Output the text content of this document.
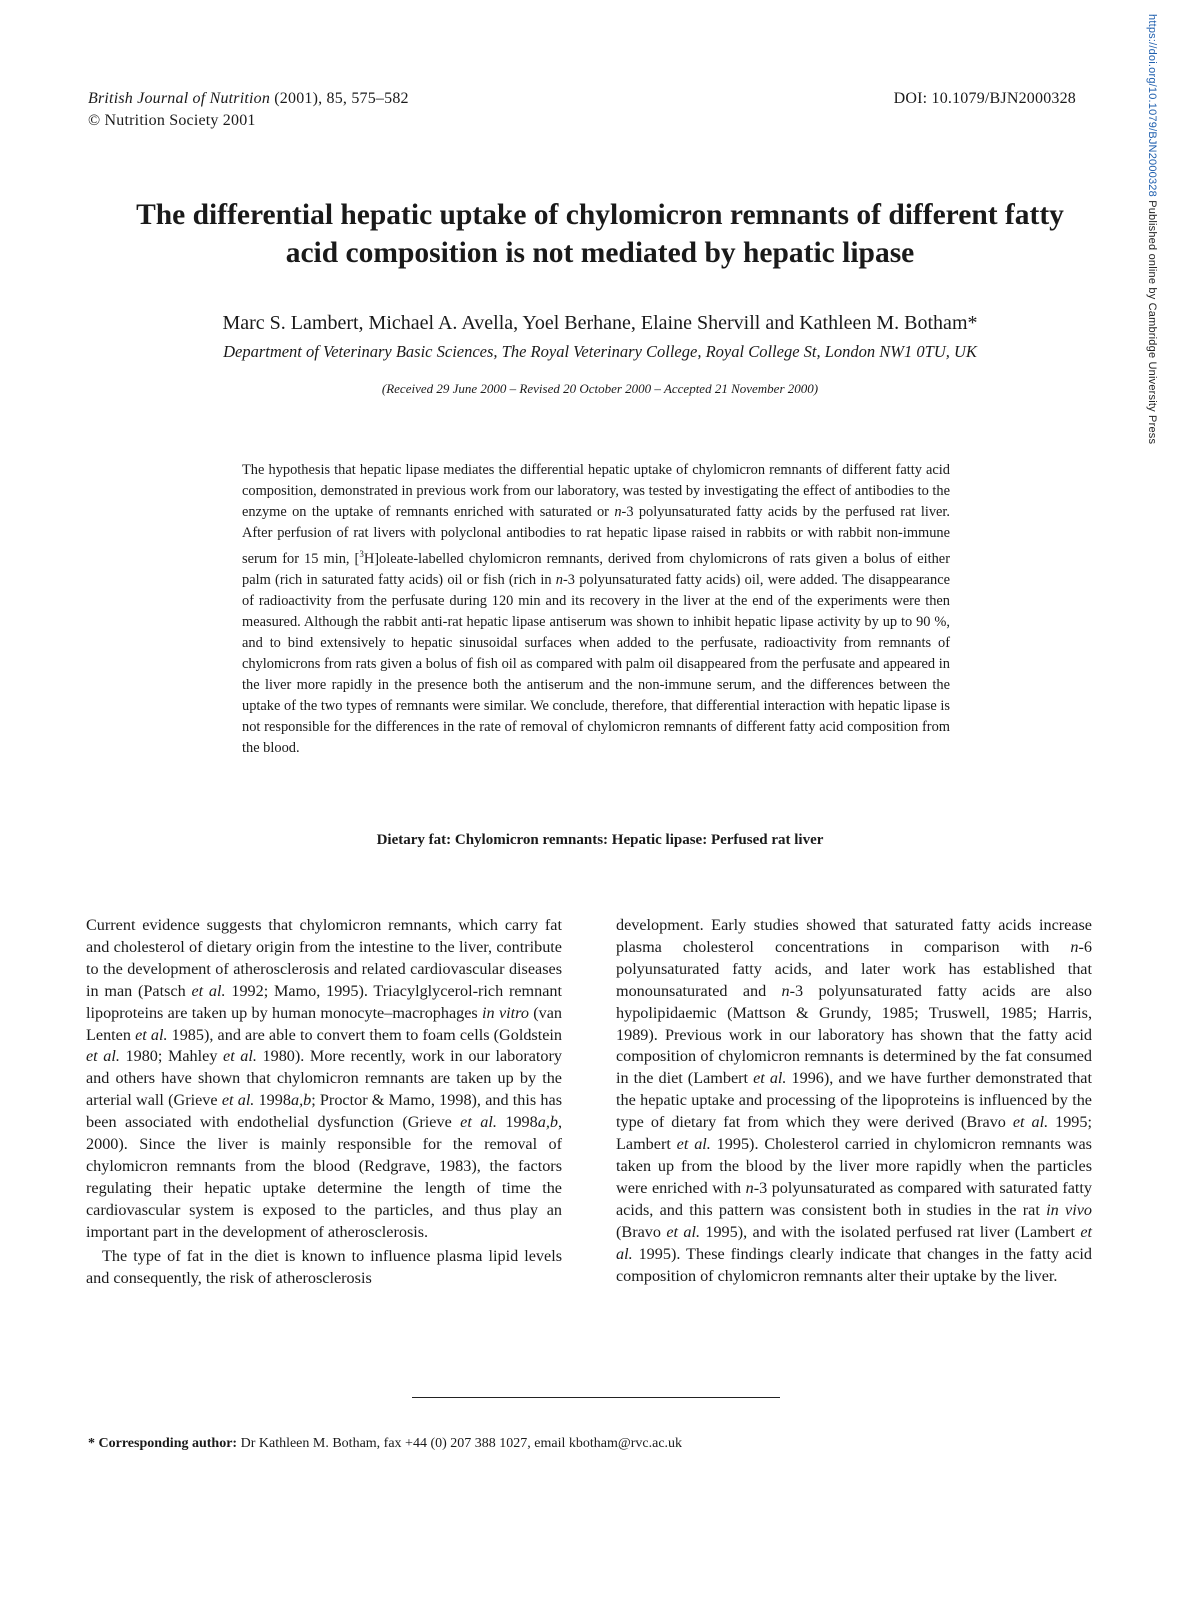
British Journal of Nutrition (2001), 85, 575–582
© Nutrition Society 2001
DOI: 10.1079/BJN2000328	https://doi.org/10.1079/BJN2000328 Published online by Cambridge University Press
The differential hepatic uptake of chylomicron remnants of different fatty
acid composition is not mediated by hepatic lipase
Marc S. Lambert, Michael A. Avella, Yoel Berhane, Elaine Shervill and Kathleen M. Botham*
Department of Veterinary Basic Sciences, The Royal Veterinary College, Royal College St, London NW1 0TU, UK
(Received 29 June 2000 – Revised 20 October 2000 – Accepted 21 November 2000)
The hypothesis that hepatic lipase mediates the differential hepatic uptake of chylomicron remnants of different fatty acid composition, demonstrated in previous work from our laboratory, was tested by investigating the effect of antibodies to the enzyme on the uptake of remnants enriched with saturated or n-3 polyunsaturated fatty acids by the perfused rat liver. After perfusion of rat livers with polyclonal antibodies to rat hepatic lipase raised in rabbits or with rabbit non-immune serum for 15 min, [$^3$H]oleate-labelled chylomicron remnants, derived from chylomicrons of rats given a bolus of either palm (rich in saturated fatty acids) oil or fish (rich in n-3 polyunsaturated fatty acids) oil, were added. The disappearance of radioactivity from the perfusate during 120 min and its recovery in the liver at the end of the experiments were then measured. Although the rabbit anti-rat hepatic lipase antiserum was shown to inhibit hepatic lipase activity by up to 90 %, and to bind extensively to hepatic sinusoidal surfaces when added to the perfusate, radioactivity from remnants of chylomicrons from rats given a bolus of fish oil as compared with palm oil disappeared from the perfusate and appeared in the liver more rapidly in the presence both the antiserum and the non-immune serum, and the differences between the uptake of the two types of remnants were similar. We conclude, therefore, that differential interaction with hepatic lipase is not responsible for the differences in the rate of removal of chylomicron remnants of different fatty acid composition from the blood.
Dietary fat: Chylomicron remnants: Hepatic lipase: Perfused rat liver

Current evidence suggests that chylomicron remnants, which carry fat and cholesterol of dietary origin from the intestine to the liver, contribute to the development of atherosclerosis and related cardiovascular diseases in man (Patsch et al. 1992; Mamo, 1995). Triacylglycerol-rich remnant lipoproteins are taken up by human monocyte–macrophages in vitro (van Lenten et al. 1985), and are able to convert them to foam cells (Goldstein et al. 1980; Mahley et al. 1980). More recently, work in our laboratory and others have shown that chylomicron remnants are taken up by the arterial wall (Grieve et al. 1998a,b; Proctor & Mamo, 1998), and this has been associated with endothelial dysfunction (Grieve et al. 1998a,b, 2000). Since the liver is mainly responsible for the removal of chylomicron remnants from the blood (Redgrave, 1983), the factors regulating their hepatic uptake determine the length of time the cardiovascular system is exposed to the particles, and thus play an important part in the development of atherosclerosis.

The type of fat in the diet is known to influence plasma lipid levels and consequently, the risk of atherosclerosis

development. Early studies showed that saturated fatty acids increase plasma cholesterol concentrations in comparison with n-6 polyunsaturated fatty acids, and later work has established that monounsaturated and n-3 polyunsaturated fatty acids are also hypolipidaemic (Mattson & Grundy, 1985; Truswell, 1985; Harris, 1989). Previous work in our laboratory has shown that the fatty acid composition of chylomicron remnants is determined by the fat consumed in the diet (Lambert et al. 1996), and we have further demonstrated that the hepatic uptake and processing of the lipoproteins is influenced by the type of dietary fat from which they were derived (Bravo et al. 1995; Lambert et al. 1995). Cholesterol carried in chylomicron remnants was taken up from the blood by the liver more rapidly when the particles were enriched with n-3 polyunsaturated as compared with saturated fatty acids, and this pattern was consistent both in studies in the rat in vivo (Bravo et al. 1995), and with the isolated perfused rat liver (Lambert et al. 1995). These findings clearly indicate that changes in the fatty acid composition of chylomicron remnants alter their uptake by the liver.

* Corresponding author: Dr Kathleen M. Botham, fax +44 (0) 207 388 1027, email kbotham@rvc.ac.uk
